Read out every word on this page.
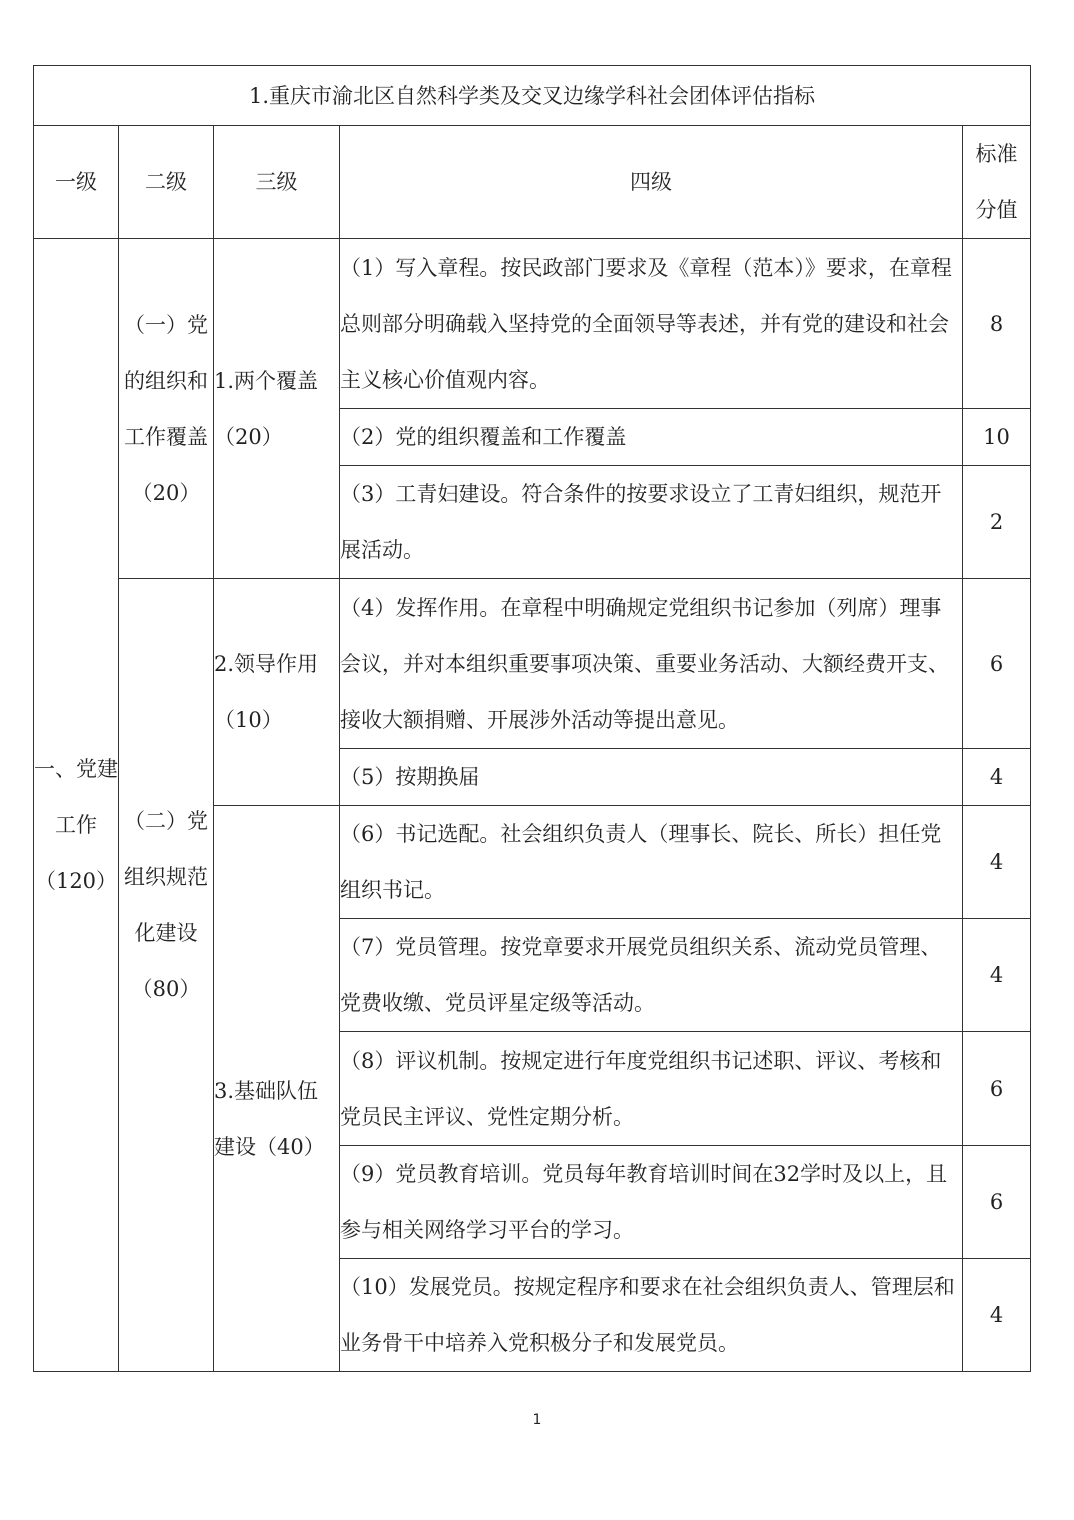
1.重庆市渝北区自然科学类及交叉边缘学科社会团体评估指标				
一级	二级	三级	四级	标准分值
一、党建工作（120）	（一）党的组织和工作覆盖（20）	1.两个覆盖（20）	（1）写入章程。按民政部门要求及《章程（范本）》要求，在章程总则部分明确载入坚持党的全面领导等表述，并有党的建设和社会主义核心价值观内容。	8
			（2）党的组织覆盖和工作覆盖	10
			（3）工青妇建设。符合条件的按要求设立了工青妇组织，规范开展活动。	2
	（二）党组织规范化建设（80）	2.领导作用（10）	（4）发挥作用。在章程中明确规定党组织书记参加（列席）理事会议，并对本组织重要事项决策、重要业务活动、大额经费开支、接收大额捐赠、开展涉外活动等提出意见。	6
			（5）按期换届	4
		3.基础队伍建设（40）	（6）书记选配。社会组织负责人（理事长、院长、所长）担任党组织书记。	4
			（7）党员管理。按党章要求开展党员组织关系、流动党员管理、党费收缴、党员评星定级等活动。	4
			（8）评议机制。按规定进行年度党组织书记述职、评议、考核和党员民主评议、党性定期分析。	6
			（9）党员教育培训。党员每年教育培训时间在32学时及以上，且参与相关网络学习平台的学习。	6
			（10）发展党员。按规定程序和要求在社会组织负责人、管理层和业务骨干中培养入党积极分子和发展党员。	4
1
